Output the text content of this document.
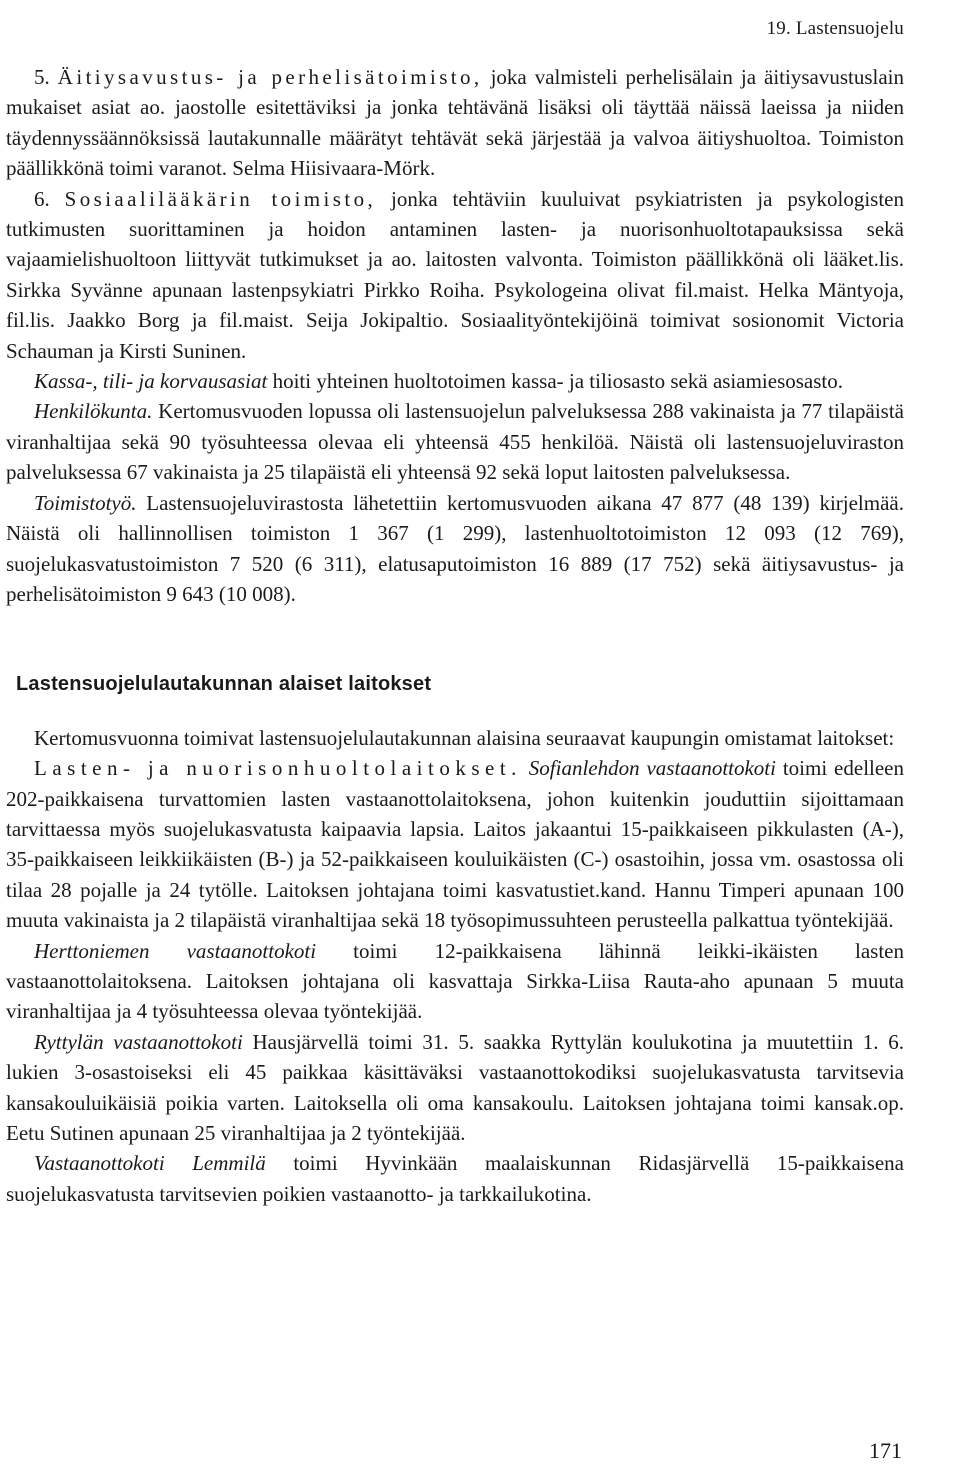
19. Lastensuojelu

5. Äitiysavustus- ja perhelisätoimisto, joka valmisteli perhelisälain ja äitiysavustuslain mukaiset asiat ao. jaostolle esitettäviksi ja jonka tehtävänä lisäksi oli täyttää näissä laeissa ja niiden täydennyssäännöksissä lautakunnalle määrätyt tehtävät sekä järjestää ja valvoa äitiyshuoltoa. Toimiston päällikkönä toimi varanot. Selma Hiisivaara-Mörk.

6. Sosiaalilääkärin toimisto, jonka tehtäviin kuuluivat psykiatristen ja psykologisten tutkimusten suorittaminen ja hoidon antaminen lasten- ja nuorisonhuoltotapauksissa sekä vajaamielishuoltoon liittyvät tutkimukset ja ao. laitosten valvonta. Toimiston päällikkönä oli lääket.lis. Sirkka Syvänne apunaan lastenpsykiatri Pirkko Roiha. Psykologeina olivat fil.maist. Helka Mäntyoja, fil.lis. Jaakko Borg ja fil.maist. Seija Jokipaltio. Sosiaalityöntekijöinä toimivat sosionomit Victoria Schauman ja Kirsti Suninen.

Kassa-, tili- ja korvausasiat hoiti yhteinen huoltotoimen kassa- ja tiliosasto sekä asiamiesosasto.

Henkilökunta. Kertomusvuoden lopussa oli lastensuojelun palveluksessa 288 vakinaista ja 77 tilapäistä viranhaltijaa sekä 90 työsuhteessa olevaa eli yhteensä 455 henkilöä. Näistä oli lastensuojeluviraston palveluksessa 67 vakinaista ja 25 tilapäistä eli yhteensä 92 sekä loput laitosten palveluksessa.

Toimistotyö. Lastensuojeluvirastosta lähetettiin kertomusvuoden aikana 47 877 (48 139) kirjelmää. Näistä oli hallinnollisen toimiston 1 367 (1 299), lastenhuoltotoimiston 12 093 (12 769), suojelukasvatustoimiston 7 520 (6 311), elatusaputoimiston 16 889 (17 752) sekä äitiysavustus- ja perhelisätoimiston 9 643 (10 008).

Lastensuojelulautakunnan alaiset laitokset

Kertomusvuonna toimivat lastensuojelulautakunnan alaisina seuraavat kaupungin omistamat laitokset:

Lasten- ja nuorisonhuoltolaitokset. Sofianlehdon vastaanottokoti toimi edelleen 202-paikkaisena turvattomien lasten vastaanottolaitoksena, johon kuitenkin jouduttiin sijoittamaan tarvittaessa myös suojelukasvatusta kaipaavia lapsia. Laitos jakaantui 15-paikkaiseen pikkulasten (A-), 35-paikkaiseen leikkiikäisten (B-) ja 52-paikkaiseen kouluikäisten (C-) osastoihin, jossa vm. osastossa oli tilaa 28 pojalle ja 24 tytölle. Laitoksen johtajana toimi kasvatustiet.kand. Hannu Timperi apunaan 100 muuta vakinaista ja 2 tilapäistä viranhaltijaa sekä 18 työsopimussuhteen perusteella palkattua työntekijää.

Herttoniemen vastaanottokoti toimi 12-paikkaisena lähinnä leikki-ikäisten lasten vastaanottolaitoksena. Laitoksen johtajana oli kasvattaja Sirkka-Liisa Rauta-aho apunaan 5 muuta viranhaltijaa ja 4 työsuhteessa olevaa työntekijää.

Ryttylän vastaanottokoti Hausjärvellä toimi 31. 5. saakka Ryttylän koulukotina ja muutettiin 1. 6. lukien 3-osastoiseksi eli 45 paikkaa käsittäväksi vastaanottokodiksi suojelukasvatusta tarvitsevia kansakouluikäisiä poikia varten. Laitoksella oli oma kansakoulu. Laitoksen johtajana toimi kansak.op. Eetu Sutinen apunaan 25 viranhaltijaa ja 2 työntekijää.

Vastaanottokoti Lemmilä toimi Hyvinkään maalaiskunnan Ridasjärvellä 15-paikkaisena suojelukasvatusta tarvitsevien poikien vastaanotto- ja tarkkailukotina.

171
